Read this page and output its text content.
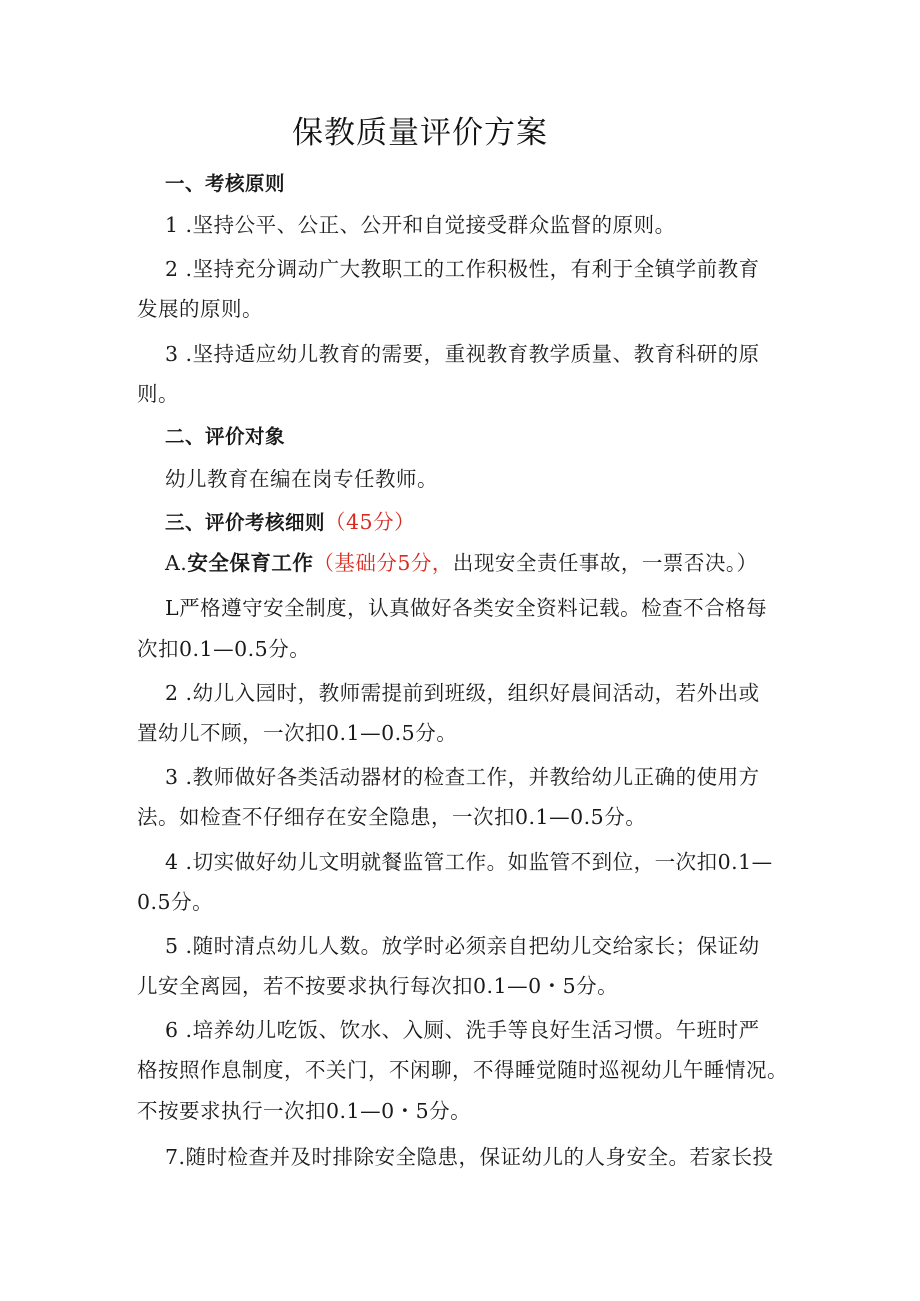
保教质量评价方案
一、考核原则
1 .坚持公平、公正、公开和自觉接受群众监督的原则。
2 .坚持充分调动广大教职工的工作积极性，有利于全镇学前教育
发展的原则。
3 .坚持适应幼儿教育的需要，重视教育教学质量、教育科研的原
则。
二、评价对象
幼儿教育在编在岗专任教师。
三、评价考核细则（45分）
A.安全保育工作（基础分5分，出现安全责任事故，一票否决。）
L严格遵守安全制度，认真做好各类安全资料记载。检查不合格每
次扣0.1—0.5分。
2 .幼儿入园时，教师需提前到班级，组织好晨间活动，若外出或
置幼儿不顾，一次扣0.1—0.5分。
3 .教师做好各类活动器材的检查工作，并教给幼儿正确的使用方
法。如检查不仔细存在安全隐患，一次扣0.1—0.5分。
4 .切实做好幼儿文明就餐监管工作。如监管不到位，一次扣0.1—
0.5分。
5 .随时清点幼儿人数。放学时必须亲自把幼儿交给家长；保证幼
儿安全离园，若不按要求执行每次扣0.1—0・5分。
6 .培养幼儿吃饭、饮水、入厕、洗手等良好生活习惯。午班时严
格按照作息制度，不关门，不闲聊，不得睡觉随时巡视幼儿午睡情况。
不按要求执行一次扣0.1—0・5分。
7.随时检查并及时排除安全隐患，保证幼儿的人身安全。若家长投
